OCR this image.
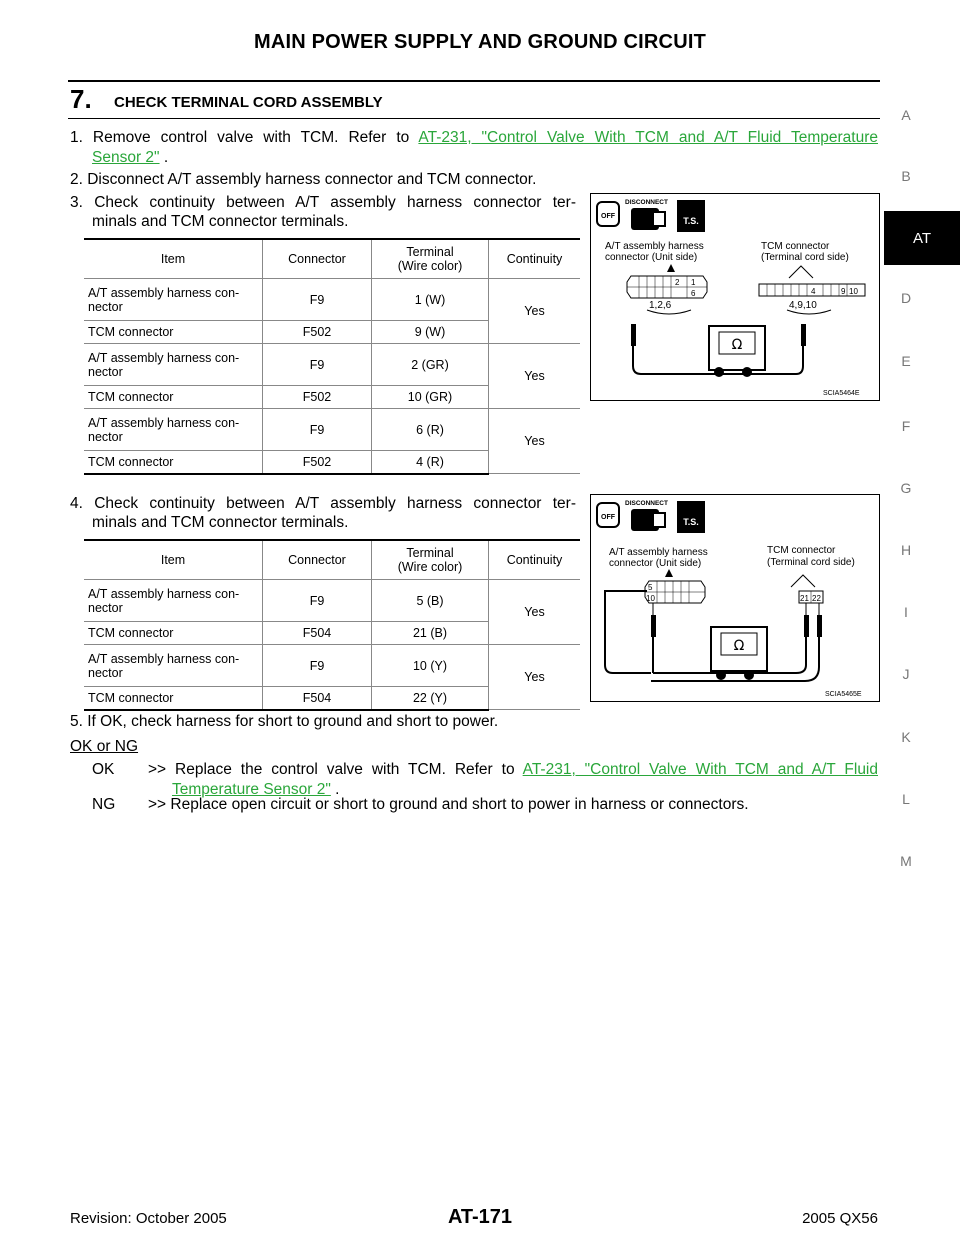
MAIN POWER SUPPLY AND GROUND CIRCUIT
A
B
AT
D
E
F
G
H
I
J
K
L
M
7. CHECK TERMINAL CORD ASSEMBLY
1. Remove control valve with TCM. Refer to AT-231, "Control Valve With TCM and A/T Fluid Temperature
Sensor 2" .
2. Disconnect A/T assembly harness connector and TCM connector.
3. Check continuity between A/T assembly harness connector ter-
minals and TCM connector terminals.
Item	Connector	Terminal
(Wire color)	Continuity
A/T assembly harness con-
nector	F9	1 (W)	Yes
TCM connector	F502	9 (W)	
A/T assembly harness con-
nector	F9	2 (GR)	Yes
TCM connector	F502	10 (GR)	
A/T assembly harness con-
nector	F9	6 (R)	Yes
TCM connector	F502	4 (R)	
OFF
DISCONNECT
T.S.
A/T assembly harness
connector (Unit side)
TCM connector
(Terminal cord side)
2 1
6
1,2,6
4	9 10
4,9,10
Ω
SCIA5464E
4. Check continuity between A/T assembly harness connector ter-
minals and TCM connector terminals.
Item	Connector	Terminal
(Wire color)	Continuity
A/T assembly harness con-
nector	F9	5 (B)	Yes
TCM connector	F504	21 (B)	
A/T assembly harness con-
nector	F9	10 (Y)	Yes
TCM connector	F504	22 (Y)	
OFF
DISCONNECT
T.S.
A/T assembly harness
connector (Unit side)
TCM connector
(Terminal cord side)
5
10	21 22
Ω
SCIA5465E
5. If OK, check harness for short to ground and short to power.
OK or NG
OK >> Replace the control valve with TCM. Refer to AT-231, "Control Valve With TCM and A/T Fluid
Temperature Sensor 2" .
NG >> Replace open circuit or short to ground and short to power in harness or connectors.
Revision: October 2005	AT-171	2005 QX56
